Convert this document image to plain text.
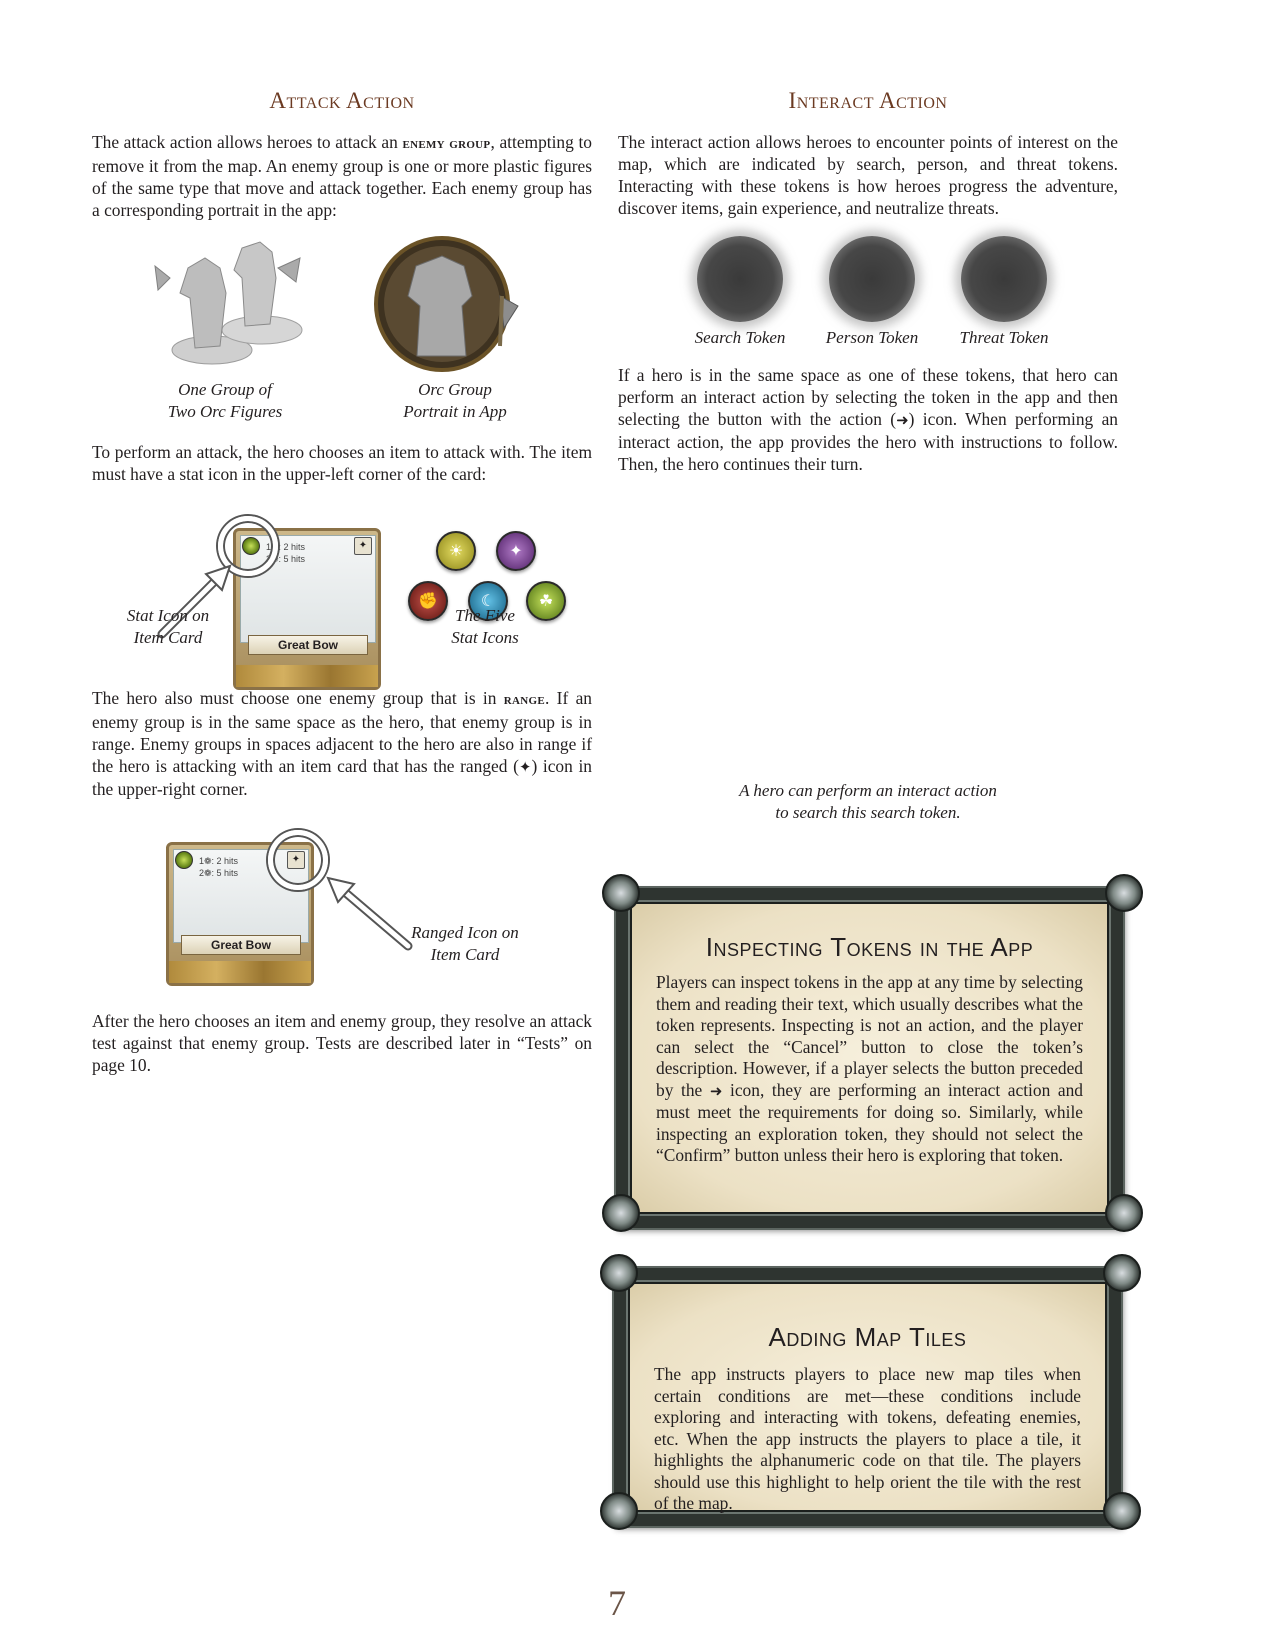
Attack Action
The attack action allows heroes to attack an enemy group, attempting to remove it from the map. An enemy group is one or more plastic figures of the same type that move and attack together. Each enemy group has a corresponding portrait in the app:
One Group of
Two Orc Figures
Orc Group
Portrait in App
To perform an attack, the hero chooses an item to attack with. The item must have a stat icon in the upper-left corner of the card:
✦
1❁: 2 hits
2❁: 5 hits
Great Bow
Stat Icon on
Item Card
☀	✦
✊	☾	☘
The Five
Stat Icons
The hero also must choose one enemy group that is in range. If an enemy group is in the same space as the hero, that enemy group is in range. Enemy groups in spaces adjacent to the hero are also in range if the hero is attacking with an item card that has the ranged (✦) icon in the upper-right corner.
✦
1❁: 2 hits
2❁: 5 hits
Great Bow
Ranged Icon on
Item Card
After the hero chooses an item and enemy group, they resolve an attack test against that enemy group. Tests are described later in “Tests” on page 10.
Interact Action
The interact action allows heroes to encounter points of interest on the map, which are indicated by search, person, and threat tokens. Interacting with these tokens is how heroes progress the adventure, discover items, gain experience, and neutralize threats.
Search Token	Person Token	Threat Token
If a hero is in the same space as one of these tokens, that hero can perform an interact action by selecting the token in the app and then selecting the button with the action (➜) icon. When performing an interact action, the app provides the hero with instructions to follow. Then, the hero continues their turn.
A hero can perform an interact action
to search this search token.
Inspecting Tokens in the App
Players can inspect tokens in the app at any time by selecting them and reading their text, which usually describes what the token represents. Inspecting is not an action, and the player can select the “Cancel” button to close the token’s description. However, if a player selects the button preceded by the ➜ icon, they are performing an interact action and must meet the requirements for doing so. Similarly, while inspecting an exploration token, they should not select the “Confirm” button unless their hero is exploring that token.
Adding Map Tiles
The app instructs players to place new map tiles when certain conditions are met—these conditions include exploring and interacting with tokens, defeating enemies, etc. When the app instructs the players to place a tile, it highlights the alphanumeric code on that tile. The players should use this highlight to help orient the tile with the rest of the map.
7
